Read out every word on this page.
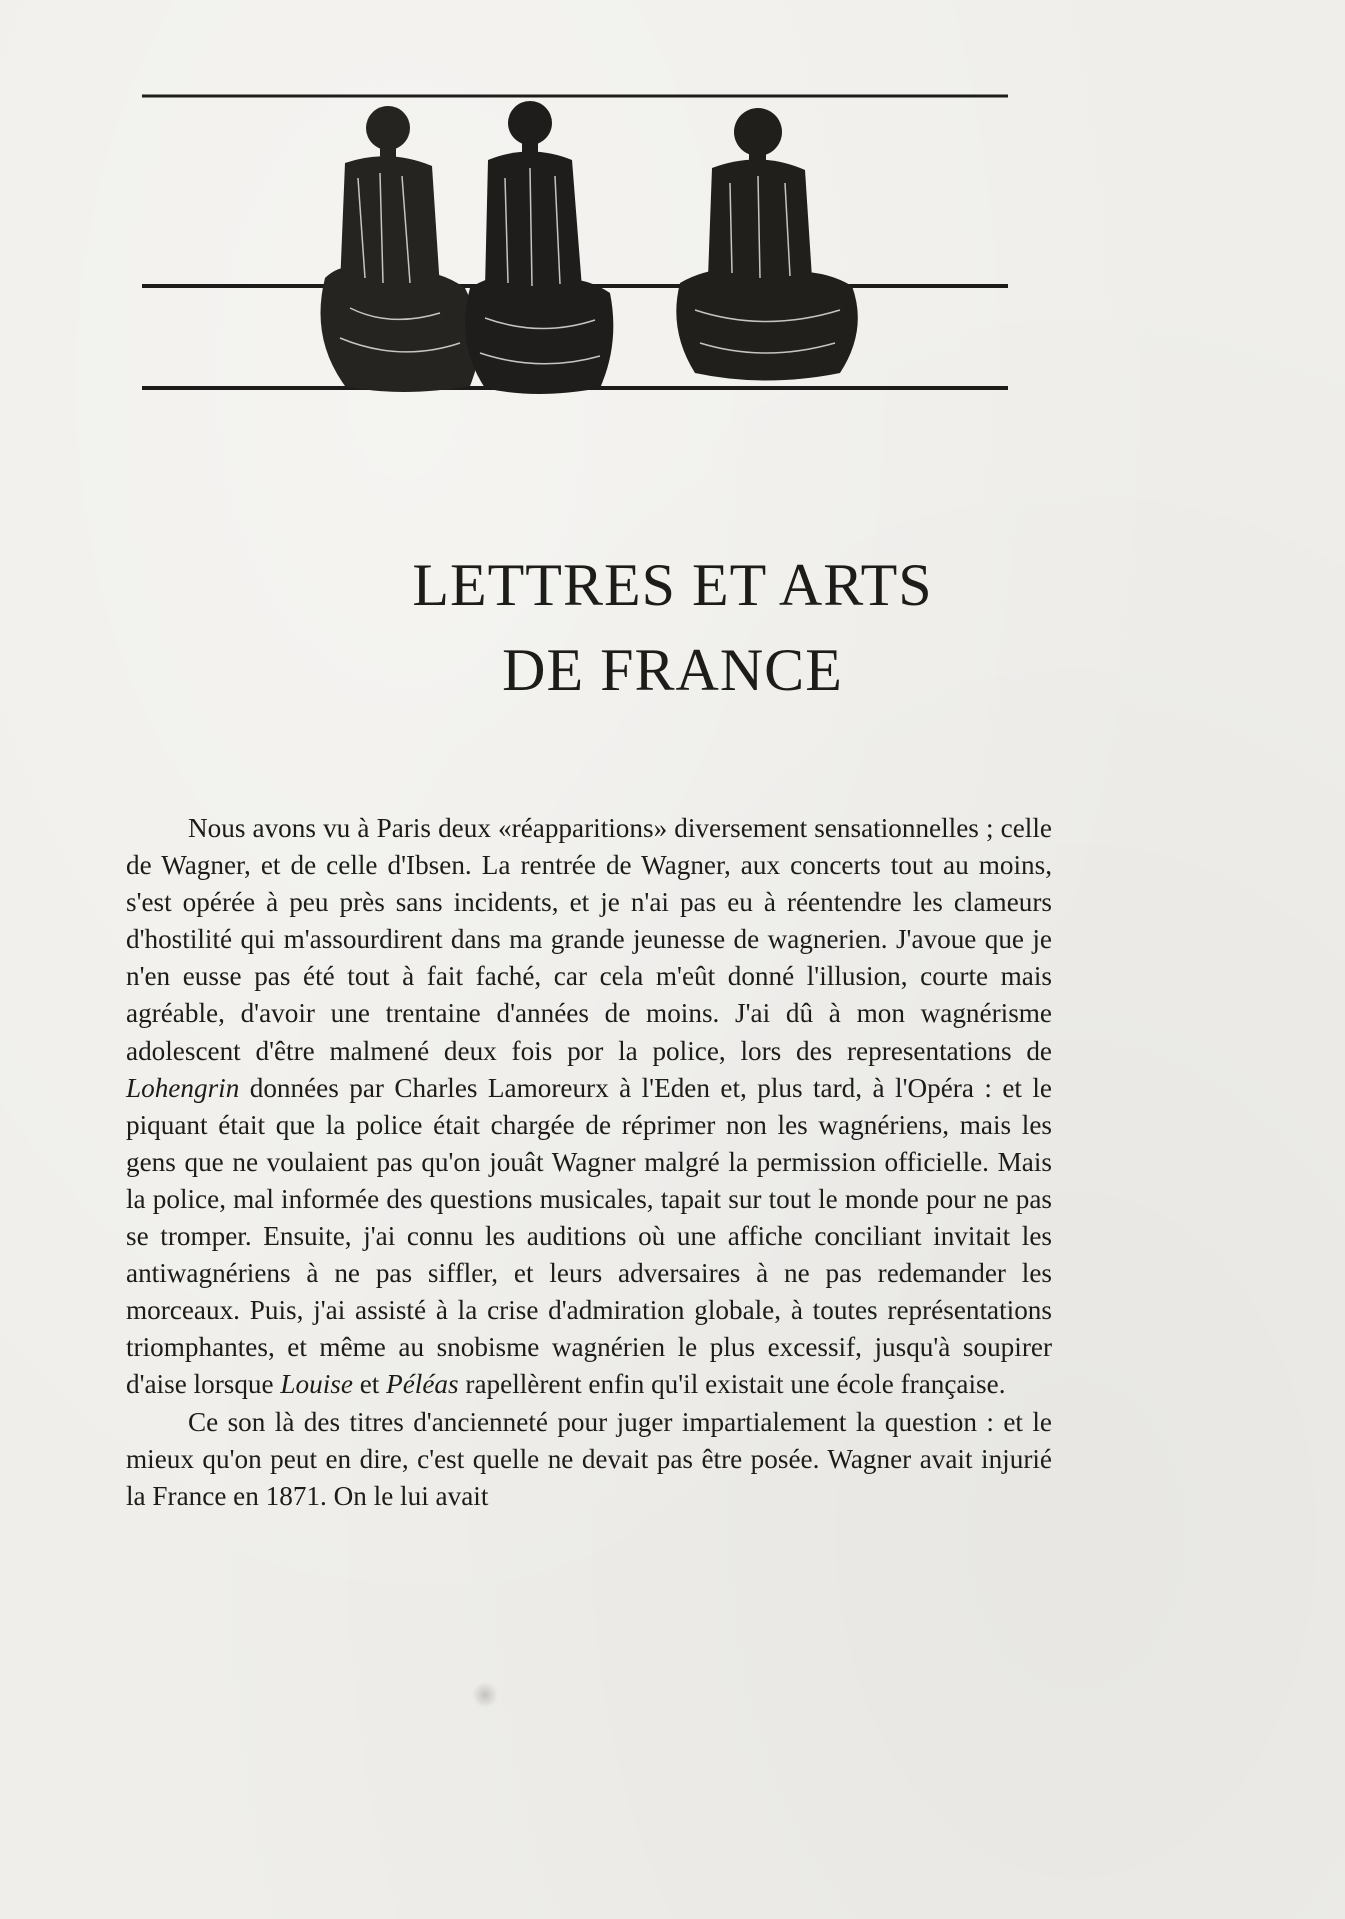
LETTRES ET ARTS
DE FRANCE

Nous avons vu à Paris deux «réapparitions» diversement sensationnelles ; celle de Wagner, et de celle d'Ibsen. La rentrée de Wagner, aux concerts tout au moins, s'est opérée à peu près sans incidents, et je n'ai pas eu à réentendre les clameurs d'hostilité qui m'assourdirent dans ma grande jeunesse de wagnerien. J'avoue que je n'en eusse pas été tout à fait faché, car cela m'eût donné l'illusion, courte mais agréable, d'avoir une trentaine d'années de moins. J'ai dû à mon wagnérisme adolescent d'être malmené deux fois por la police, lors des representations de Lohengrin données par Charles Lamoreurx à l'Eden et, plus tard, à l'Opéra : et le piquant était que la police était chargée de réprimer non les wagnériens, mais les gens que ne voulaient pas qu'on jouât Wagner malgré la permission officielle. Mais la police, mal informée des questions musicales, tapait sur tout le monde pour ne pas se tromper. Ensuite, j'ai connu les auditions où une affiche conciliant invitait les antiwagnériens à ne pas siffler, et leurs adversaires à ne pas redemander les morceaux. Puis, j'ai assisté à la crise d'admiration globale, à toutes représentations triomphantes, et même au snobisme wagnérien le plus excessif, jusqu'à soupirer d'aise lorsque Louise et Péléas rapellèrent enfin qu'il existait une école française.

Ce son là des titres d'ancienneté pour juger impartialement la question : et le mieux qu'on peut en dire, c'est quelle ne devait pas être posée. Wagner avait injurié la France en 1871. On le lui avait
